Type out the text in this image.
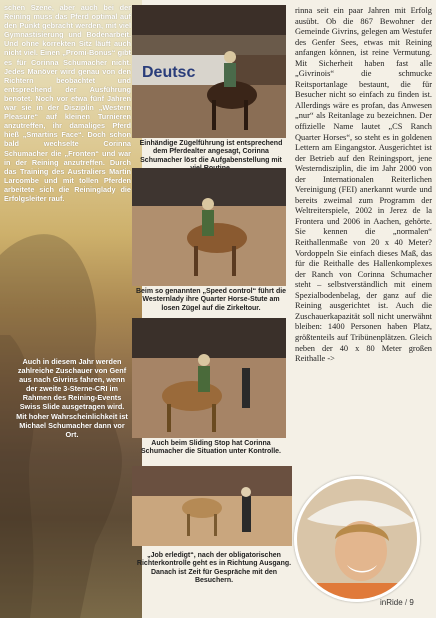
schen Szene, aber auch bei der Reining muss das Pferd optimal auf den Punkt gebracht werden, mit viel Gymnastisierung und Bodenarbeit. Und ohne korrekten Sitz läuft auch nicht viel. Einen „Promi-Bonus“ gibt es für Corinna Schumacher nicht. Jedes Manöver wird genau von den Richtern beobachtet und entsprechend der Ausführung benotet. Noch vor etwa fünf Jahren war sie in der Disziplin „Western Pleasure“ auf kleinen Turnieren anzutreffen, ihr damaliges Pferd hieß „Smartins Face“. Doch schon bald wechselte Corinna Schumacher die „Fronten“ und war in der Reining anzutreffen. Durch das Training des Australiers Martin Larcombe und mit tollen Pferden arbeitete sich die Reininglady die Erfolgsleiter rauf.

Auch in diesem Jahr werden zahlreiche Zuschauer von Genf aus nach Givrins fahren, wenn der zweite 3-Sterne-CRI im Rahmen des Reining-Events Swiss Slide ausgetragen wird. Mit hoher Wahrscheinlichkeit ist Michael Schumacher dann vor Ort.

Deutsc
Einhändige Zügelführung ist entsprechend dem Pferdealter angesagt, Corinna Schumacher löst die Aufgabenstellung mit
Beim so genannten „Speed control“ führt die Westernlady ihre Quarter Horse-Stute am losen Zügel auf die Zirkeltour.
Auch beim Sliding Stop hat Corinna Schumacher die Situation unter Kontrolle.
„Job erledigt“, nach der obligatorischen Richterkontrolle geht es in Richtung Ausgang. Danach ist Zeit für Gespräche mit den Besuchern.
rinna seit ein paar Jahren mit Erfolg ausübt. Ob die 867 Bewohner der Gemeinde Givrins, gelegen am Westufer des Genfer Sees, etwas mit Reining anfangen können, ist reine Vermutung. Mit Sicherheit haben fast alle „Givrinois“ die schmucke Reitsportanlage bestaunt, die für Besucher nicht so einfach zu finden ist. Allerdings wäre es profan, das Anwesen „nur“ als Reitanlage zu bezeichnen. Der offizielle Name lautet „CS Ranch Quarter Horses“, so steht es in goldenen Lettern am Eingangstor. Ausgerichtet ist der Betrieb auf den Reiningsport, jene Westerndisziplin, die im Jahr 2000 von der Internationalen Reiterlichen Vereinigung (FEI) anerkannt wurde und bereits zweimal zum Programm der Weltreiterspiele, 2002 in Jerez de la Frontera und 2006 in Aachen, gehörte. Sie kennen die „normalen“ Reithallenmaße von 20 x 40 Meter? Vordoppeln Sie einfach dieses Maß, das für die Reithalle des Hallenkomplexes der Ranch von Corinna Schumacher steht – selbstverständlich mit einem Spezialbodenbelag, der ganz auf die Reining ausgerichtet ist. Auch die Zuschauerkapazität soll nicht unerwähnt bleiben: 1400 Personen haben Platz, größtenteils auf Tribünenplätzen. Gleich neben der 40 x 80 Meter großen Reithalle ->
inRide / 9
